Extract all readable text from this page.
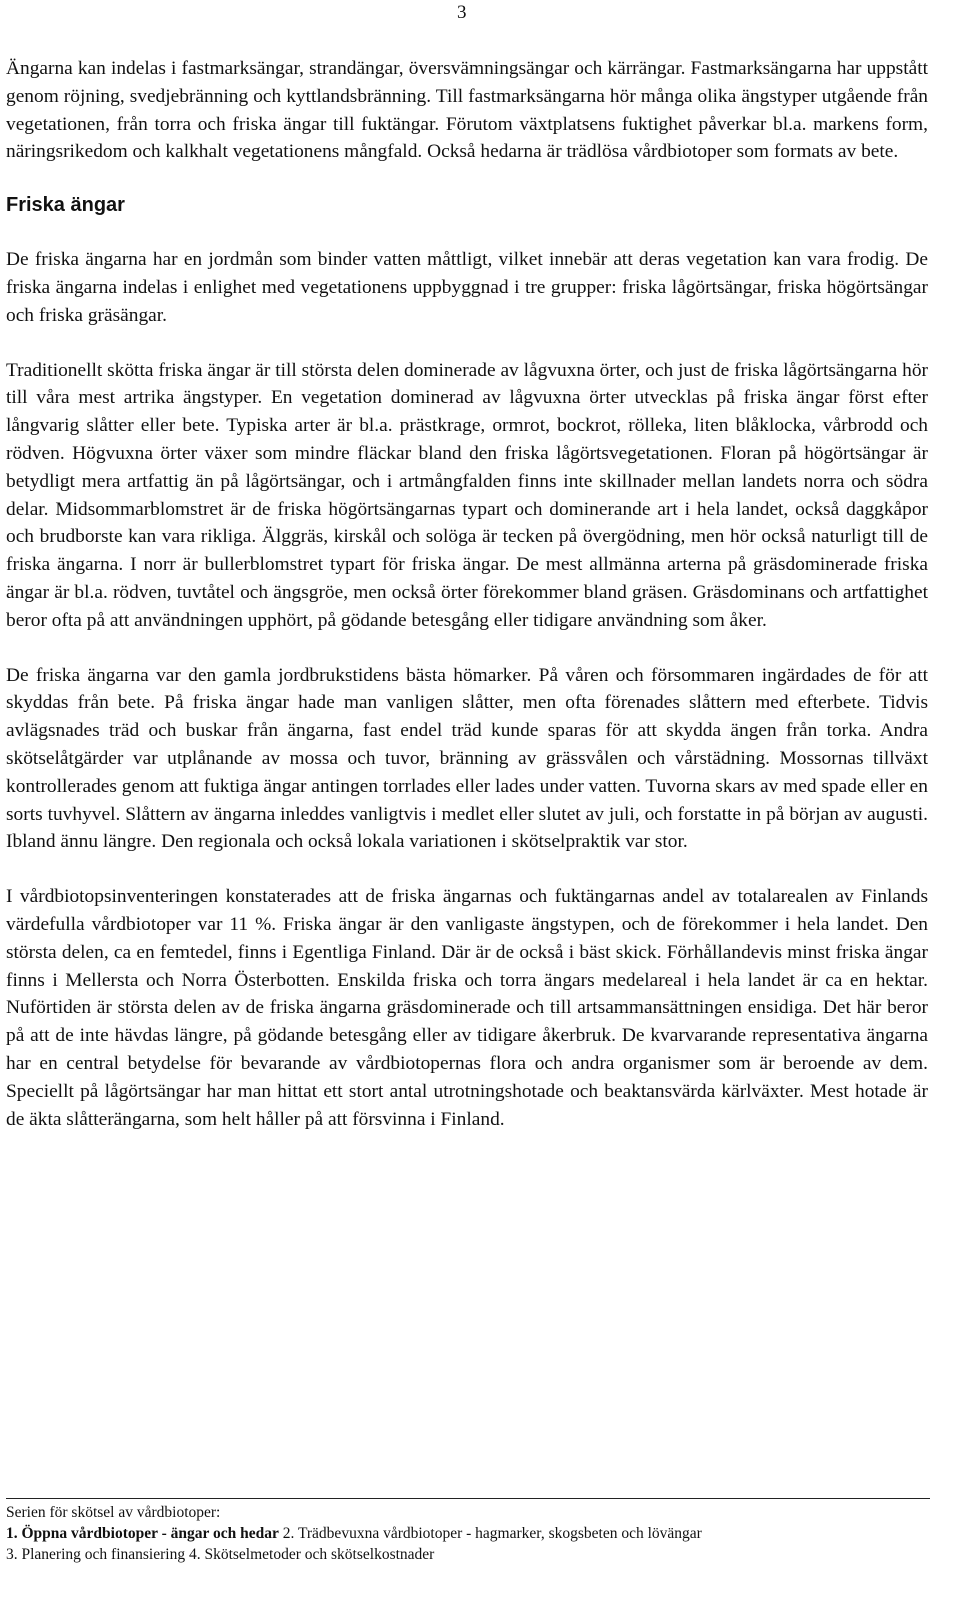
3

Ängarna kan indelas i fastmarksängar, strandängar, översvämningsängar och kärrängar. Fastmarksängarna har uppstått genom röjning, svedjebränning och kyttlandsbränning. Till fastmarksängarna hör många olika ängstyper utgående från vegetationen, från torra och friska ängar till fuktängar. Förutom växtplatsens fuktighet påverkar bl.a. markens form, näringsrikedom och kalkhalt vegetationens mångfald. Också hedarna är trädlösa vårdbiotoper som formats av bete.

Friska ängar

De friska ängarna har en jordmån som binder vatten måttligt, vilket innebär att deras vegetation kan vara frodig. De friska ängarna indelas i enlighet med vegetationens uppbyggnad i tre grupper: friska lågörtsängar, friska högörtsängar och friska gräsängar.

Traditionellt skötta friska ängar är till största delen dominerade av lågvuxna örter, och just de friska lågörtsängarna hör till våra mest artrika ängstyper. En vegetation dominerad av lågvuxna örter utvecklas på friska ängar först efter långvarig slåtter eller bete. Typiska arter är bl.a. prästkrage, ormrot, bockrot, rölleka, liten blåklocka, vårbrodd och rödven. Högvuxna örter växer som mindre fläckar bland den friska lågörtsvegetationen. Floran på högörtsängar är betydligt mera artfattig än på lågörtsängar, och i artmångfalden finns inte skillnader mellan landets norra och södra delar. Midsommarblomstret är de friska högörtsängarnas typart och dominerande art i hela landet, också daggkåpor och brudborste kan vara rikliga. Älggräs, kirskål och solöga är tecken på övergödning, men hör också naturligt till de friska ängarna. I norr är bullerblomstret typart för friska ängar. De mest allmänna arterna på gräsdominerade friska ängar är bl.a. rödven, tuvtåtel och ängsgröe, men också örter förekommer bland gräsen. Gräsdominans och artfattighet beror ofta på att användningen upphört, på gödande betesgång eller tidigare användning som åker.

De friska ängarna var den gamla jordbrukstidens bästa hömarker. På våren och försommaren ingärdades de för att skyddas från bete. På friska ängar hade man vanligen slåtter, men ofta förenades slåttern med efterbete. Tidvis avlägsnades träd och buskar från ängarna, fast endel träd kunde sparas för att skydda ängen från torka. Andra skötselåtgärder var utplånande av mossa och tuvor, bränning av grässvålen och vårstädning. Mossornas tillväxt kontrollerades genom att fuktiga ängar antingen torrlades eller lades under vatten. Tuvorna skars av med spade eller en sorts tuvhyvel. Slåttern av ängarna inleddes vanligtvis i medlet eller slutet av juli, och forstatte in på början av augusti. Ibland ännu längre. Den regionala och också lokala variationen i skötselpraktik var stor.

I vårdbiotopsinventeringen konstaterades att de friska ängarnas och fuktängarnas andel av totalarealen av Finlands värdefulla vårdbiotoper var 11 %. Friska ängar är den vanligaste ängstypen, och de förekommer i hela landet. Den största delen, ca en femtedel, finns i Egentliga Finland. Där är de också i bäst skick. Förhållandevis minst friska ängar finns i Mellersta och Norra Österbotten. Enskilda friska och torra ängars medelareal i hela landet är ca en hektar. Nuförtiden är största delen av de friska ängarna gräsdominerade och till artsammansättningen ensidiga. Det här beror på att de inte hävdas längre, på gödande betesgång eller av tidigare åkerbruk. De kvarvarande representativa ängarna har en central betydelse för bevarande av vårdbiotopernas flora och andra organismer som är beroende av dem. Speciellt på lågörtsängar har man hittat ett stort antal utrotningshotade och beaktansvärda kärlväxter. Mest hotade är de äkta slåtterängarna, som helt håller på att försvinna i Finland.

Serien för skötsel av vårdbiotoper:
1. Öppna vårdbiotoper - ängar och hedar 2. Trädbevuxna vårdbiotoper - hagmarker, skogsbeten och lövängar
3. Planering och finansiering 4. Skötselmetoder och skötselkostnader
